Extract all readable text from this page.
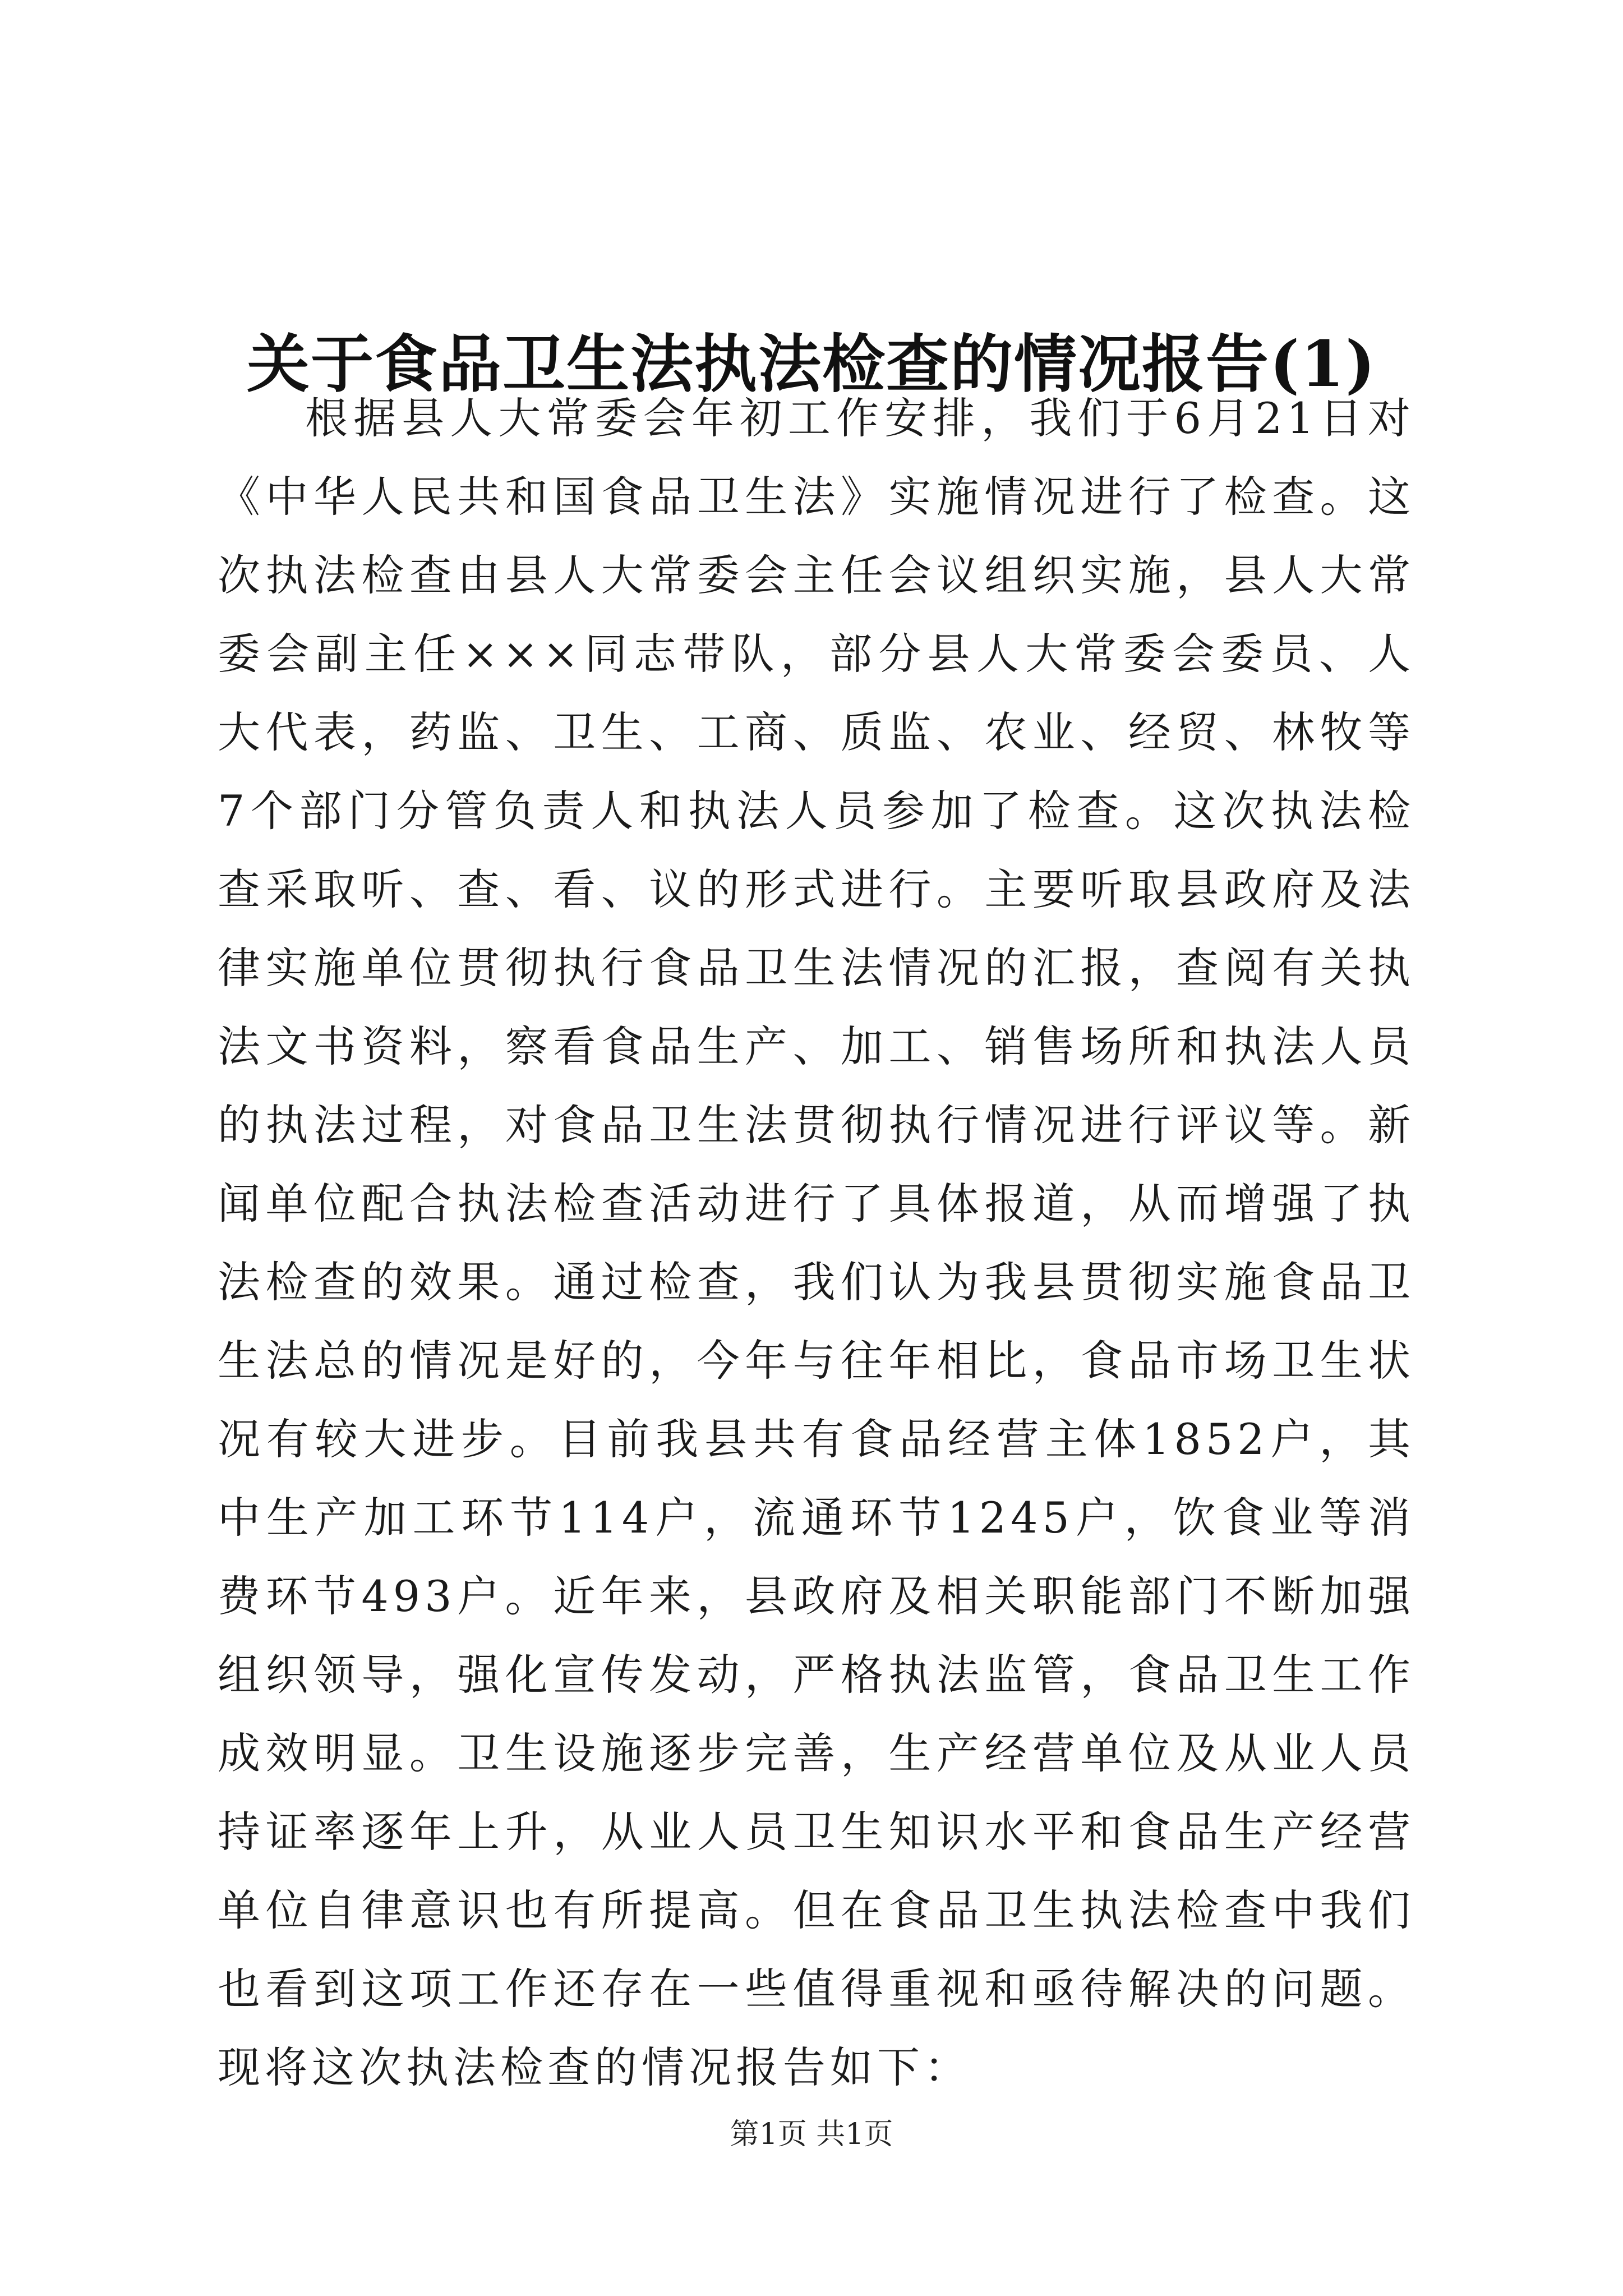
关于食品卫生法执法检查的情况报告(1)

根据县人大常委会年初工作安排，我们于6月21日对《中华人民共和国食品卫生法》实施情况进行了检查。这次执法检查由县人大常委会主任会议组织实施，县人大常委会副主任×××同志带队，部分县人大常委会委员、人大代表，药监、卫生、工商、质监、农业、经贸、林牧等7个部门分管负责人和执法人员参加了检查。这次执法检查采取听、查、看、议的形式进行。主要听取县政府及法律实施单位贯彻执行食品卫生法情况的汇报，查阅有关执法文书资料，察看食品生产、加工、销售场所和执法人员的执法过程，对食品卫生法贯彻执行情况进行评议等。新闻单位配合执法检查活动进行了具体报道，从而增强了执法检查的效果。通过检查，我们认为我县贯彻实施食品卫生法总的情况是好的，今年与往年相比，食品市场卫生状况有较大进步。目前我县共有食品经营主体1852户，其中生产加工环节114户，流通环节1245户，饮食业等消费环节493户。近年来，县政府及相关职能部门不断加强组织领导，强化宣传发动，严格执法监管，食品卫生工作成效明显。卫生设施逐步完善，生产经营单位及从业人员持证率逐年上升，从业人员卫生知识水平和食品生产经营单位自律意识也有所提高。但在食品卫生执法检查中我们也看到这项工作还存在一些值得重视和亟待解决的问题。现将这次执法检查的情况报告如下：

第1页 共1页
